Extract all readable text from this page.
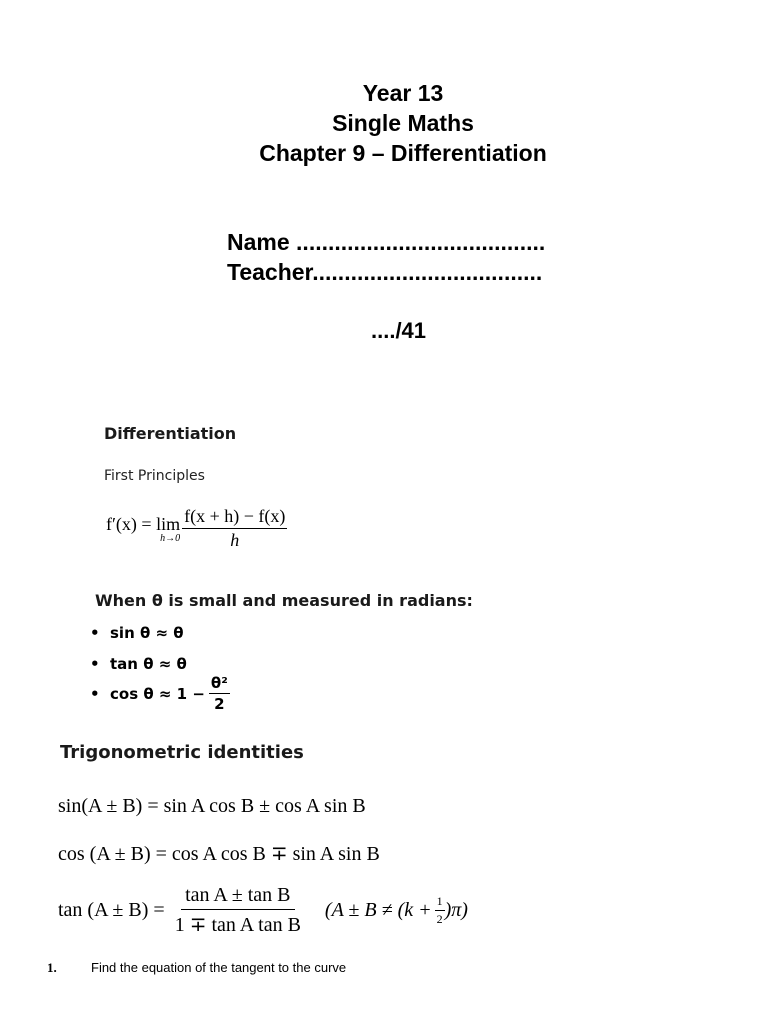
Year 13
Single Maths
Chapter 9 – Differentiation
Name .......................................
Teacher....................................
..../41
Differentiation
First Principles
f′(x) = lim
$h\to 0 \frac{f(x + h) - f(x)}{h}$
When θ is small and measured in radians:
• sin θ ≈ θ
• tan θ ≈ θ
• $\cos \theta \approx 1 - \frac{\text{θ²}}{2}$
Trigonometric identities
sin(A ± B) = sin A cos B ± cos A sin B
cos (A ± B) = cos A cos B ∓ sin A sin B
$\tan (A \pm B) = \frac{\text{tan A ± tan B}}{\text{1 ∓ tan A tan B}} (A \pm B \ne (k + \frac{1}{2} )\pi)$
1.	Find the equation of the tangent to the curve
